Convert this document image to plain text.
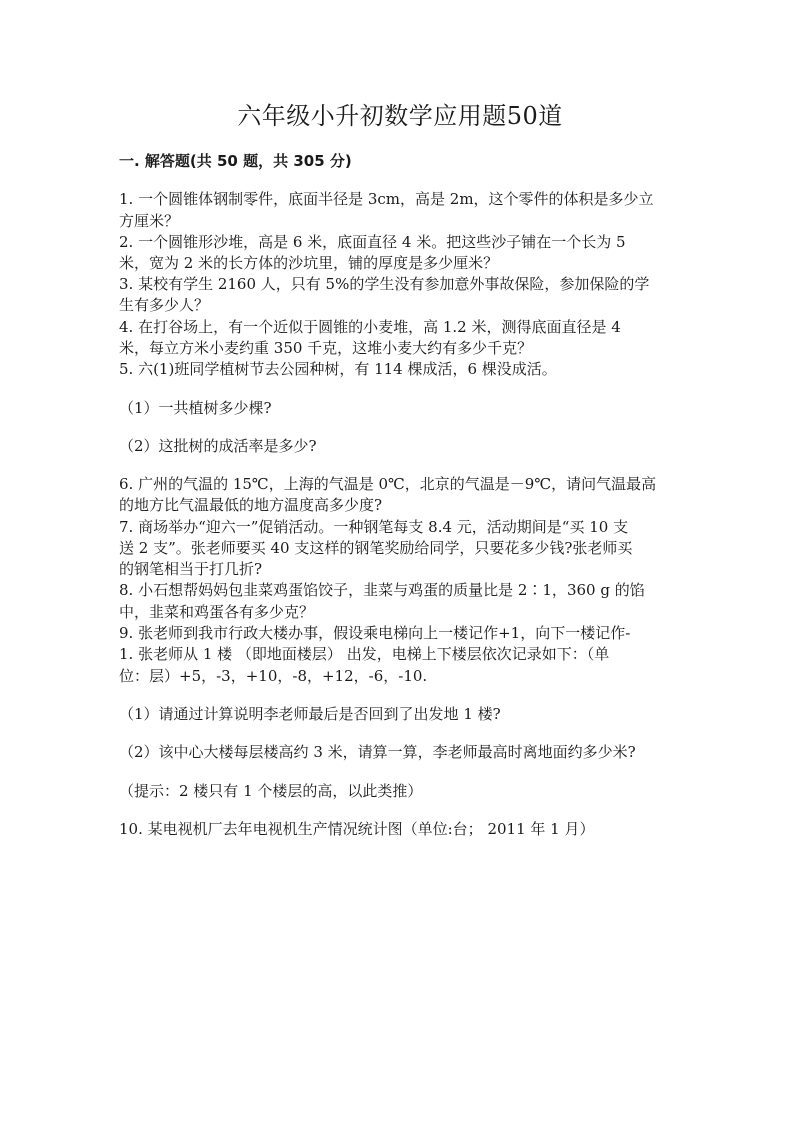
六年级小升初数学应用题50道
一. 解答题(共 50 题，共 305 分)
1. 一个圆锥体钢制零件，底面半径是 3cm，高是 2m，这个零件的体积是多少立
方厘米？
2. 一个圆锥形沙堆，高是 6 米，底面直径 4 米。把这些沙子铺在一个长为 5
米，宽为 2 米的长方体的沙坑里，铺的厚度是多少厘米？
3. 某校有学生 2160 人，只有 5%的学生没有参加意外事故保险，参加保险的学
生有多少人？
4. 在打谷场上，有一个近似于圆锥的小麦堆，高 1.2 米，测得底面直径是 4
米，每立方米小麦约重 350 千克，这堆小麦大约有多少千克？
5. 六(1)班同学植树节去公园种树，有 114 棵成活，6 棵没成活。
（1）一共植树多少棵?
（2）这批树的成活率是多少?
6. 广州的气温的 15℃，上海的气温是 0℃，北京的气温是－9℃，请问气温最高
的地方比气温最低的地方温度高多少度?
7. 商场举办“迎六一”促销活动。一种钢笔每支 8.4 元，活动期间是“买 10 支
送 2 支”。张老师要买 40 支这样的钢笔奖励给同学，只要花多少钱?张老师买
的钢笔相当于打几折?
8. 小石想帮妈妈包韭菜鸡蛋馅饺子，韭菜与鸡蛋的质量比是 2∶1，360 g 的馅
中，韭菜和鸡蛋各有多少克？
9. 张老师到我市行政大楼办事，假设乘电梯向上一楼记作+1，向下一楼记作-
1. 张老师从 1 楼 （即地面楼层） 出发，电梯上下楼层依次记录如下：（单
位：层）+5，-3，+10，-8，+12，-6，-10.
（1）请通过计算说明李老师最后是否回到了出发地 1 楼?
（2）该中心大楼每层楼高约 3 米，请算一算，李老师最高时离地面约多少米?
（提示：2 楼只有 1 个楼层的高，以此类推）
10. 某电视机厂去年电视机生产情况统计图（单位:台； 2011 年 1 月）
